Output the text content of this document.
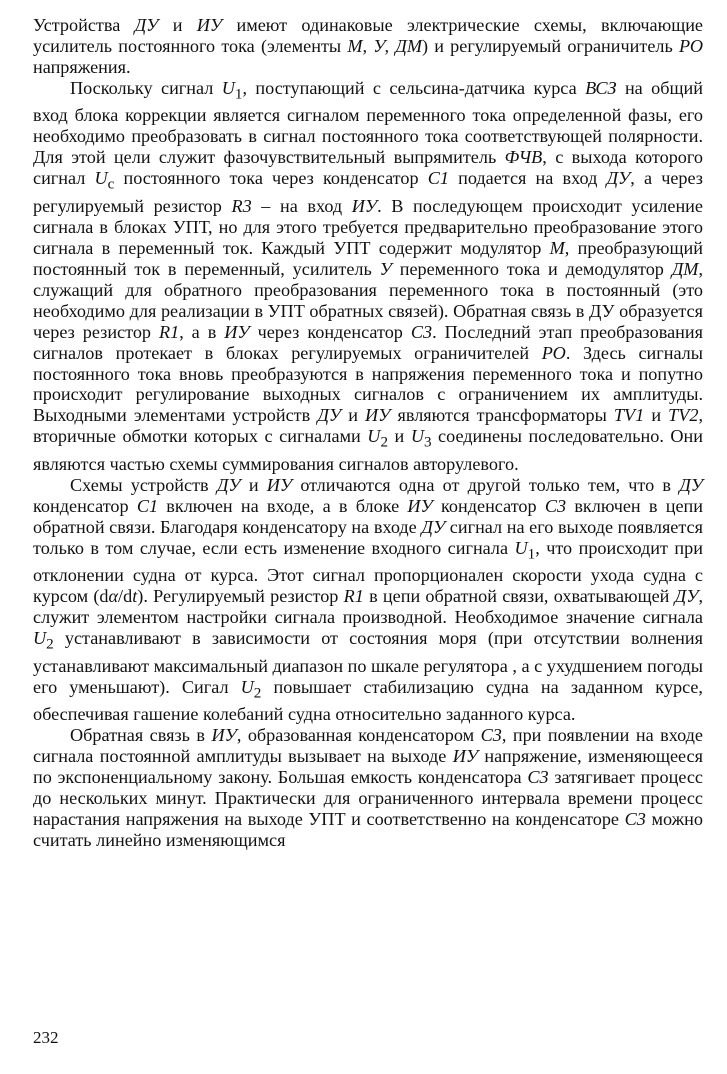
Устройства ДУ и ИУ имеют одинаковые электрические схемы, включающие усилитель постоянного тока (элементы М, У, ДМ) и регулируемый ограничитель РО напряжения.

Поскольку сигнал $U_1$, поступающий с сельсина-датчика курса ВСЗ на общий вход блока коррекции является сигналом переменного тока определенной фазы, его необходимо преобразовать в сигнал постоянного тока соответствующей полярности. Для этой цели служит фазочувствительный выпрямитель ФЧВ, с выхода которого сигнал $U_c$ постоянного тока через конденсатор С1 подается на вход ДУ, а через регулируемый резистор R3 – на вход ИУ. В последующем происходит усиление сигнала в блоках УПТ, но для этого требуется предварительно преобразование этого сигнала в переменный ток. Каждый УПТ содержит модулятор М, преобразующий постоянный ток в переменный, усилитель У переменного тока и демодулятор ДМ, служащий для обратного преобразования переменного тока в постоянный (это необходимо для реализации в УПТ обратных связей). Обратная связь в ДУ образуется через резистор R1, а в ИУ через конденсатор С3. Последний этап преобразования сигналов протекает в блоках регулируемых ограничителей РО. Здесь сигналы постоянного тока вновь преобразуются в напряжения переменного тока и попутно происходит регулирование выходных сигналов с ограничением их амплитуды. Выходными элементами устройств ДУ и ИУ являются трансформаторы TV1 и TV2, вторичные обмотки которых с сигналами $U_2$ и $U_3$ соединены последовательно. Они являются частью схемы суммирования сигналов авторулевого.

Схемы устройств ДУ и ИУ отличаются одна от другой только тем, что в ДУ конденсатор С1 включен на входе, а в блоке ИУ конденсатор С3 включен в цепи обратной связи. Благодаря конденсатору на входе ДУ сигнал на его выходе появляется только в том случае, если есть изменение входного сигнала $U_1$, что происходит при отклонении судна от курса. Этот сигнал пропорционален скорости ухода судна с курсом (dα/dt). Регулируемый резистор R1 в цепи обратной связи, охватывающей ДУ, служит элементом настройки сигнала производной. Необходимое значение сигнала $U_2$ устанавливают в зависимости от состояния моря (при отсутствии волнения устанавливают максимальный диапазон по шкале регулятора , а с ухудшением погоды его уменьшают). Сигал $U_2$ повышает стабилизацию судна на заданном курсе, обеспечивая гашение колебаний судна относительно заданного курса.

Обратная связь в ИУ, образованная конденсатором С3, при появлении на входе сигнала постоянной амплитуды вызывает на выходе ИУ напряжение, изменяющееся по экспоненциальному закону. Большая емкость конденсатора С3 затягивает процесс до нескольких минут. Практически для ограниченного интервала времени процесс нарастания напряжения на выходе УПТ и соответственно на конденсаторе С3 можно считать линейно изменяющимся

232
